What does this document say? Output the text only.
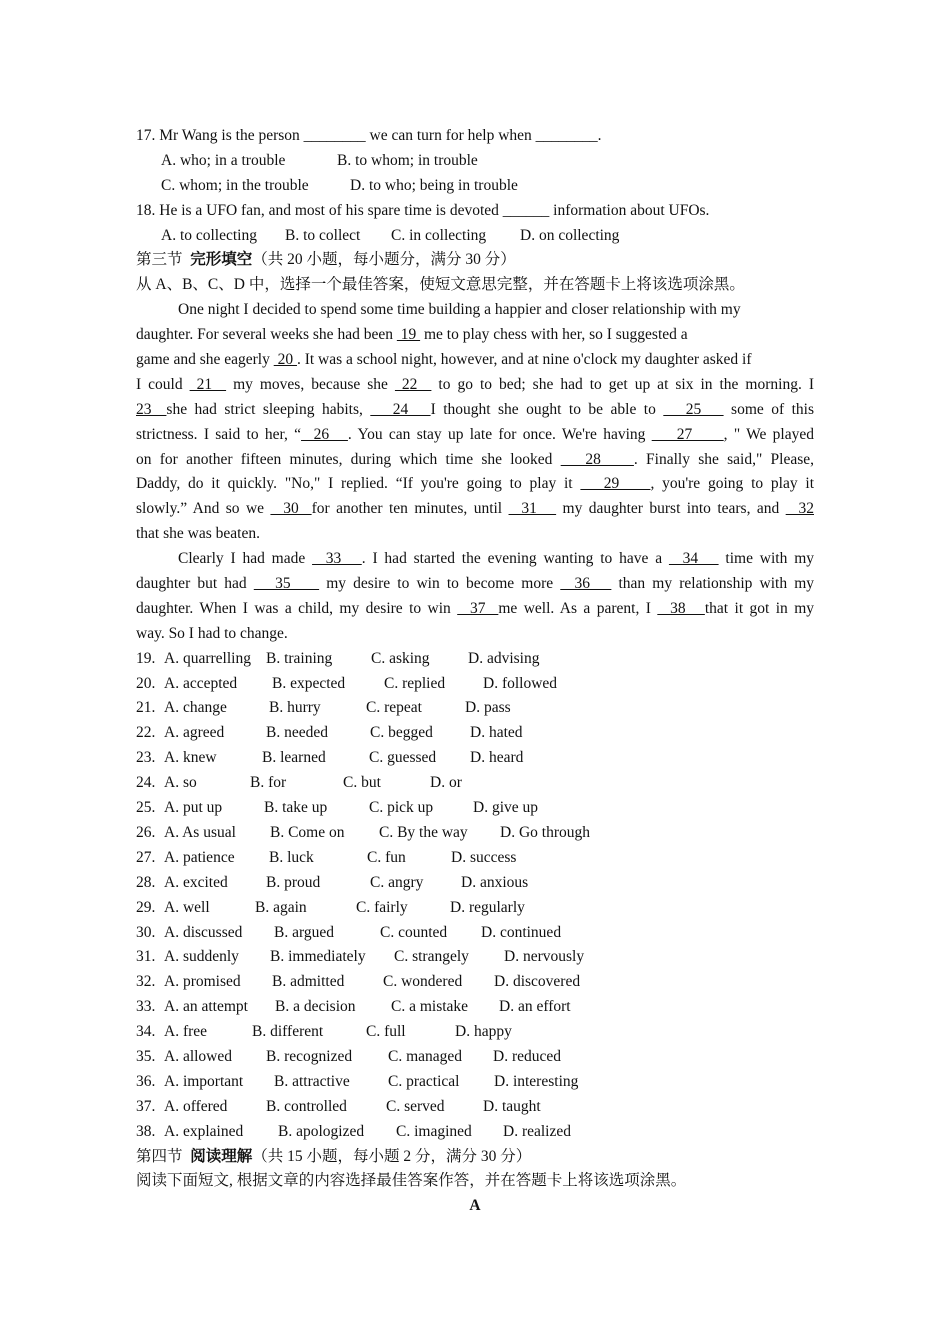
17. Mr Wang is the person ________ we can turn for help when ________.
A. who; in a trouble	B. to whom; in trouble
C. whom; in the trouble	D. to who; being in trouble
18. He is a UFO fan, and most of his spare time is devoted ______ information about UFOs.
A. to collecting B. to collect C. in collecting D. on collecting
第三节 完形填空（共 20 小题，每小题分，满分 30 分）
从 A、B、C、D 中，选择一个最佳答案，使短文意思完整，并在答题卡上将该选项涂黑。
One night I decided to spend some time building a happier and closer relationship with my
daughter. For several weeks she had been  19  me to play chess with her, so I suggested a
game and she eagerly  20 . It was a school night, however, and at nine o'clock my daughter asked if
I could  21   my moves, because she  22   to go to bed; she had to get up at six in the morning. I
23  she had strict sleeping habits,    24   I thought she ought to be able to    25    some of this
strictness. I said to her, “  26   . You can stay up late for once. We're having     27     , " We played
on for another fifteen minutes, during which time she looked    28    . Finally she said," Please,
Daddy, do it quickly. "No," I replied. “If you're going to play it    29    , you're going to play it
slowly.” And so we   30  for another ten minutes, until   31    my daughter burst into tears, and   32
that she was beaten.
Clearly I had made   33   . I had started the evening wanting to have a   34    time with my
daughter but had    35     my desire to win to become more   36    than my relationship with my
daughter. When I was a child, my desire to win   37  me well. As a parent, I   38   that it got in my
way. So I had to change.
19. A. quarrelling B. training	C. asking	D. advising
20. A. accepted	B. expected	C. replied	D. followed
21. A. change	B. hurry	C. repeat	D. pass
22. A. agreed	B. needed	C. begged	D. hated
23. A. knew	B. learned	C. guessed	D. heard
24. A. so	B. for	C. but	D. or
25. A. put up	B. take up	C. pick up	D. give up
26. A. As usual	B. Come on	C. By the way	D. Go through
27. A. patience	B. luck	C. fun	D. success
28. A. excited	B. proud	C. angry	D. anxious
29. A. well	B. again	C. fairly	D. regularly
30. A. discussed	B. argued	C. counted	D. continued
31. A. suddenly	B. immediately	C. strangely	D. nervously
32. A. promised	B. admitted	C. wondered	D. discovered
33. A. an attempt	B. a decision	C. a mistake	D. an effort
34. A. free	B. different	C. full	D. happy
35. A. allowed	B. recognized	C. managed	D. reduced
36. A. important	B. attractive	C. practical	D. interesting
37. A. offered	B. controlled	C. served	D. taught
38. A. explained	B. apologized	C. imagined	D. realized
第四节 阅读理解（共 15 小题，每小题 2 分，满分 30 分）
阅读下面短文, 根据文章的内容选择最佳答案作答，并在答题卡上将该选项涂黑。
A
